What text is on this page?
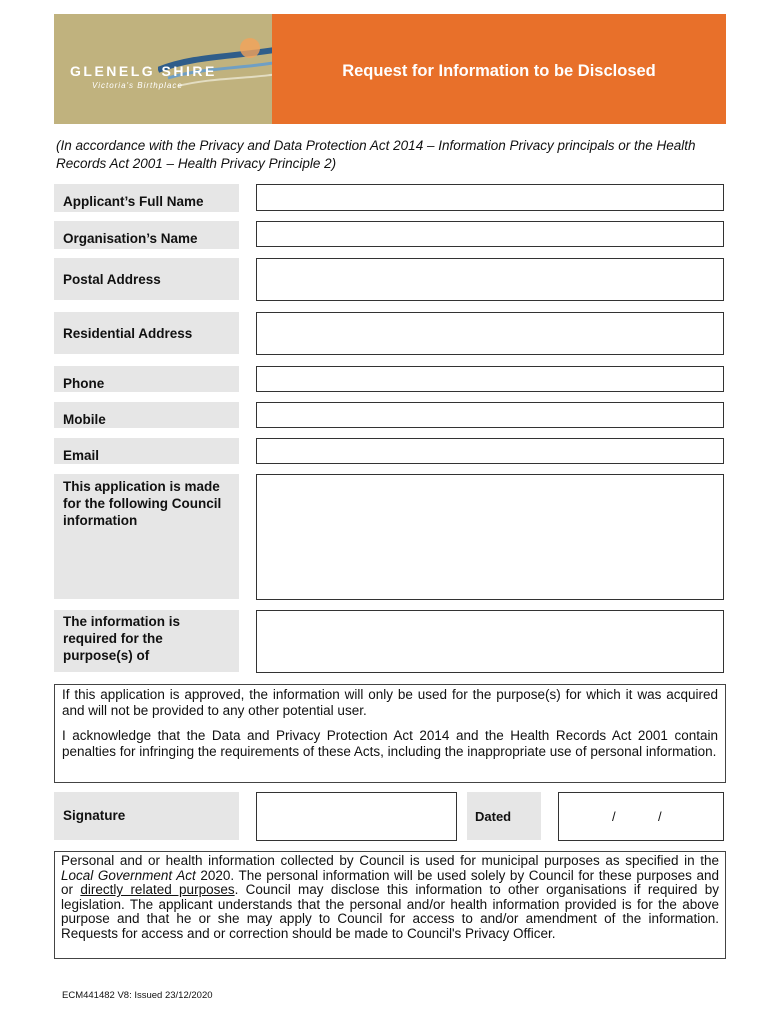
GLENELG SHIRE
Victoria's Birthplace
Request for Information to be Disclosed
(In accordance with the Privacy and Data Protection Act 2014 – Information Privacy principals or the Health Records Act 2001 – Health Privacy Principle 2)
Applicant’s Full Name
Organisation’s Name
Postal Address
Residential Address
Phone
Mobile
Email
This application is made for the following Council information
The information is required for the purpose(s) of

If this application is approved, the information will only be used for the purpose(s) for which it was acquired and will not be provided to any other potential user.

I acknowledge that the Data and Privacy Protection Act 2014 and the Health Records Act 2001 contain penalties for infringing the requirements of these Acts, including the inappropriate use of personal information.

Signature	Dated	/	/
Personal and or health information collected by Council is used for municipal purposes as specified in the Local Government Act 2020. The personal information will be used solely by Council for these purposes and or directly related purposes. Council may disclose this information to other organisations if required by legislation. The applicant understands that the personal and/or health information provided is for the above purpose and that he or she may apply to Council for access to and/or amendment of the information. Requests for access and or correction should be made to Council's Privacy Officer.
ECM441482 V8: Issued 23/12/2020
